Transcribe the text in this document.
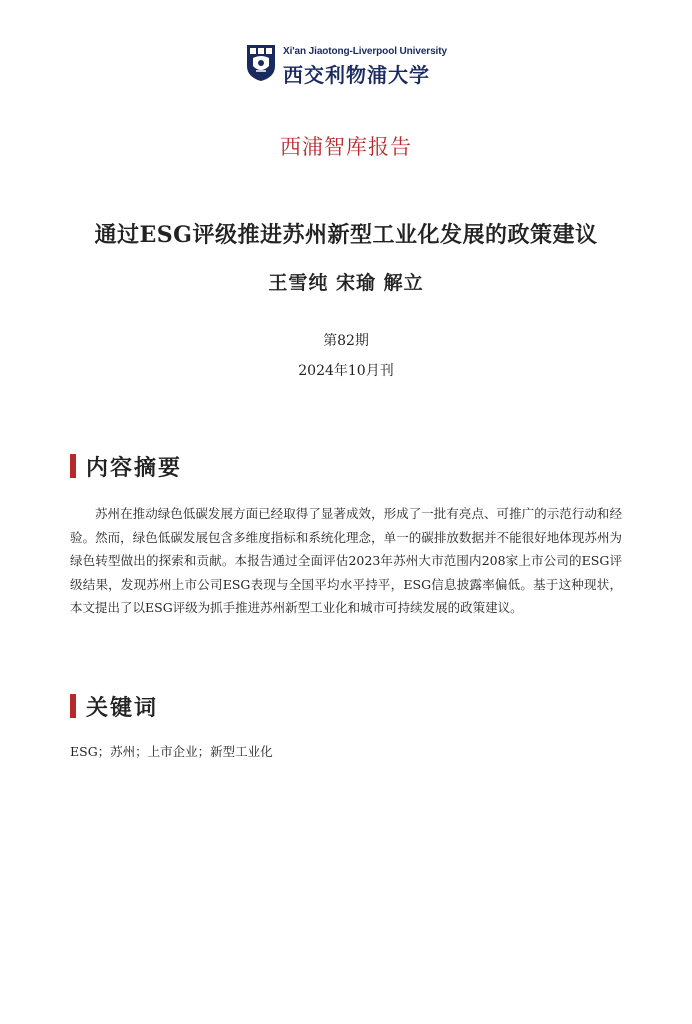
Xi'an Jiaotong-Liverpool University
西交利物浦大学
西浦智库报告
通过ESG评级推进苏州新型工业化发展的政策建议
王雪纯 宋瑜 解立
第82期
2024年10月刊
内容摘要

苏州在推动绿色低碳发展方面已经取得了显著成效，形成了一批有亮点、可推广的示范行动和经验。然而，绿色低碳发展包含多维度指标和系统化理念，单一的碳排放数据并不能很好地体现苏州为绿色转型做出的探索和贡献。本报告通过全面评估2023年苏州大市范围内208家上市公司的ESG评级结果，发现苏州上市公司ESG表现与全国平均水平持平，ESG信息披露率偏低。基于这种现状，本文提出了以ESG评级为抓手推进苏州新型工业化和城市可持续发展的政策建议。

关键词
ESG；苏州；上市企业；新型工业化
